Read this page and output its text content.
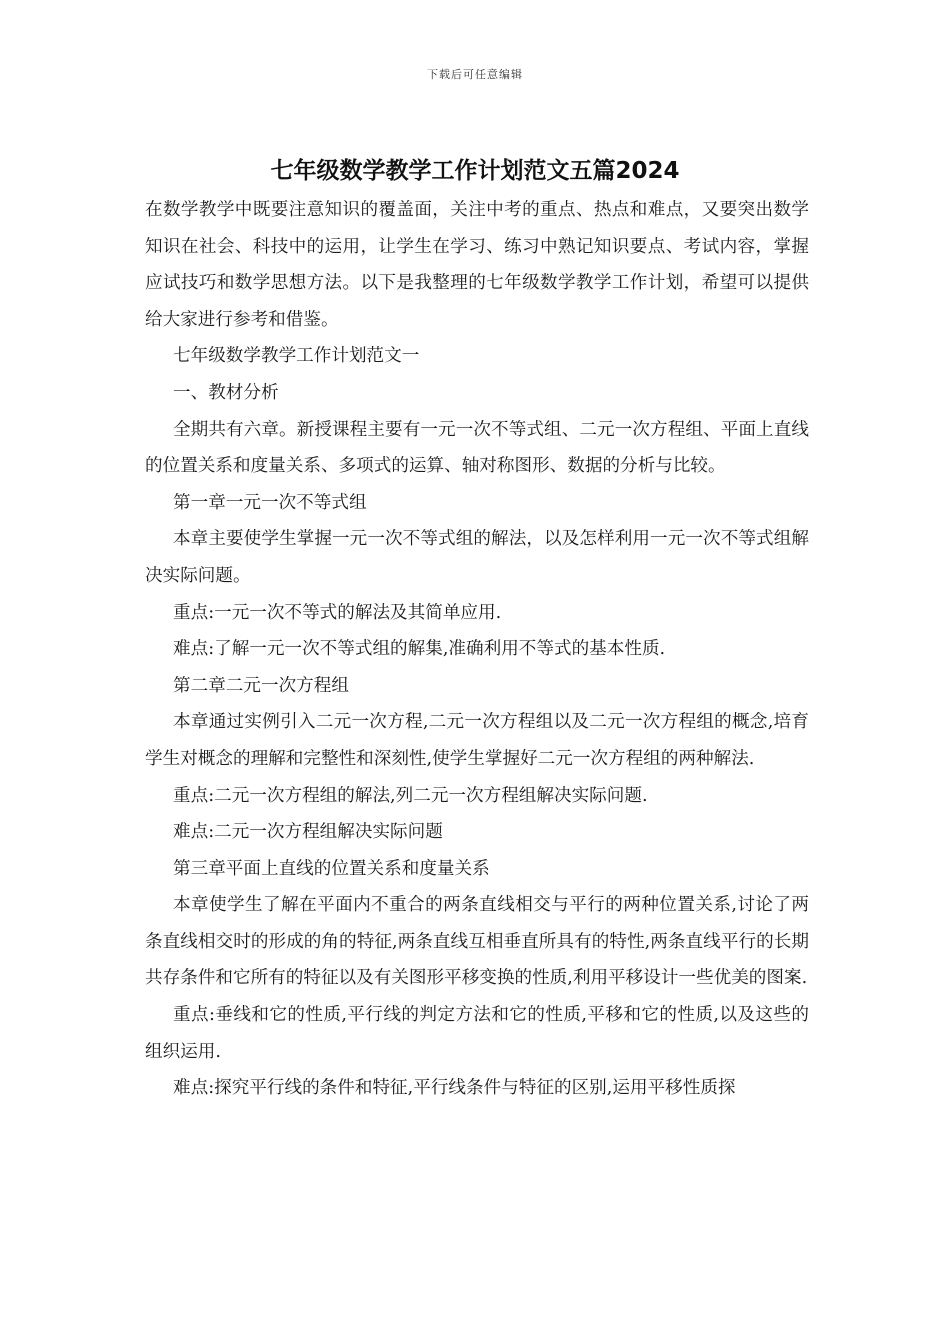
下载后可任意编辑
七年级数学教学工作计划范文五篇2024

在数学教学中既要注意知识的覆盖面，关注中考的重点、热点和难点，又要突出数学知识在社会、科技中的运用，让学生在学习、练习中熟记知识要点、考试内容，掌握应试技巧和数学思想方法。以下是我整理的七年级数学教学工作计划，希望可以提供给大家进行参考和借鉴。

七年级数学教学工作计划范文一

一、教材分析

全期共有六章。新授课程主要有一元一次不等式组、二元一次方程组、平面上直线的位置关系和度量关系、多项式的运算、轴对称图形、数据的分析与比较。

第一章一元一次不等式组

本章主要使学生掌握一元一次不等式组的解法，以及怎样利用一元一次不等式组解决实际问题。

重点:一元一次不等式的解法及其简单应用.

难点:了解一元一次不等式组的解集,准确利用不等式的基本性质.

第二章二元一次方程组

本章通过实例引入二元一次方程,二元一次方程组以及二元一次方程组的概念,培育学生对概念的理解和完整性和深刻性,使学生掌握好二元一次方程组的两种解法.

重点:二元一次方程组的解法,列二元一次方程组解决实际问题.

难点:二元一次方程组解决实际问题

第三章平面上直线的位置关系和度量关系

本章使学生了解在平面内不重合的两条直线相交与平行的两种位置关系,讨论了两条直线相交时的形成的角的特征,两条直线互相垂直所具有的特性,两条直线平行的长期共存条件和它所有的特征以及有关图形平移变换的性质,利用平移设计一些优美的图案.

重点:垂线和它的性质,平行线的判定方法和它的性质,平移和它的性质,以及这些的组织运用.

难点:探究平行线的条件和特征,平行线条件与特征的区别,运用平移性质探
